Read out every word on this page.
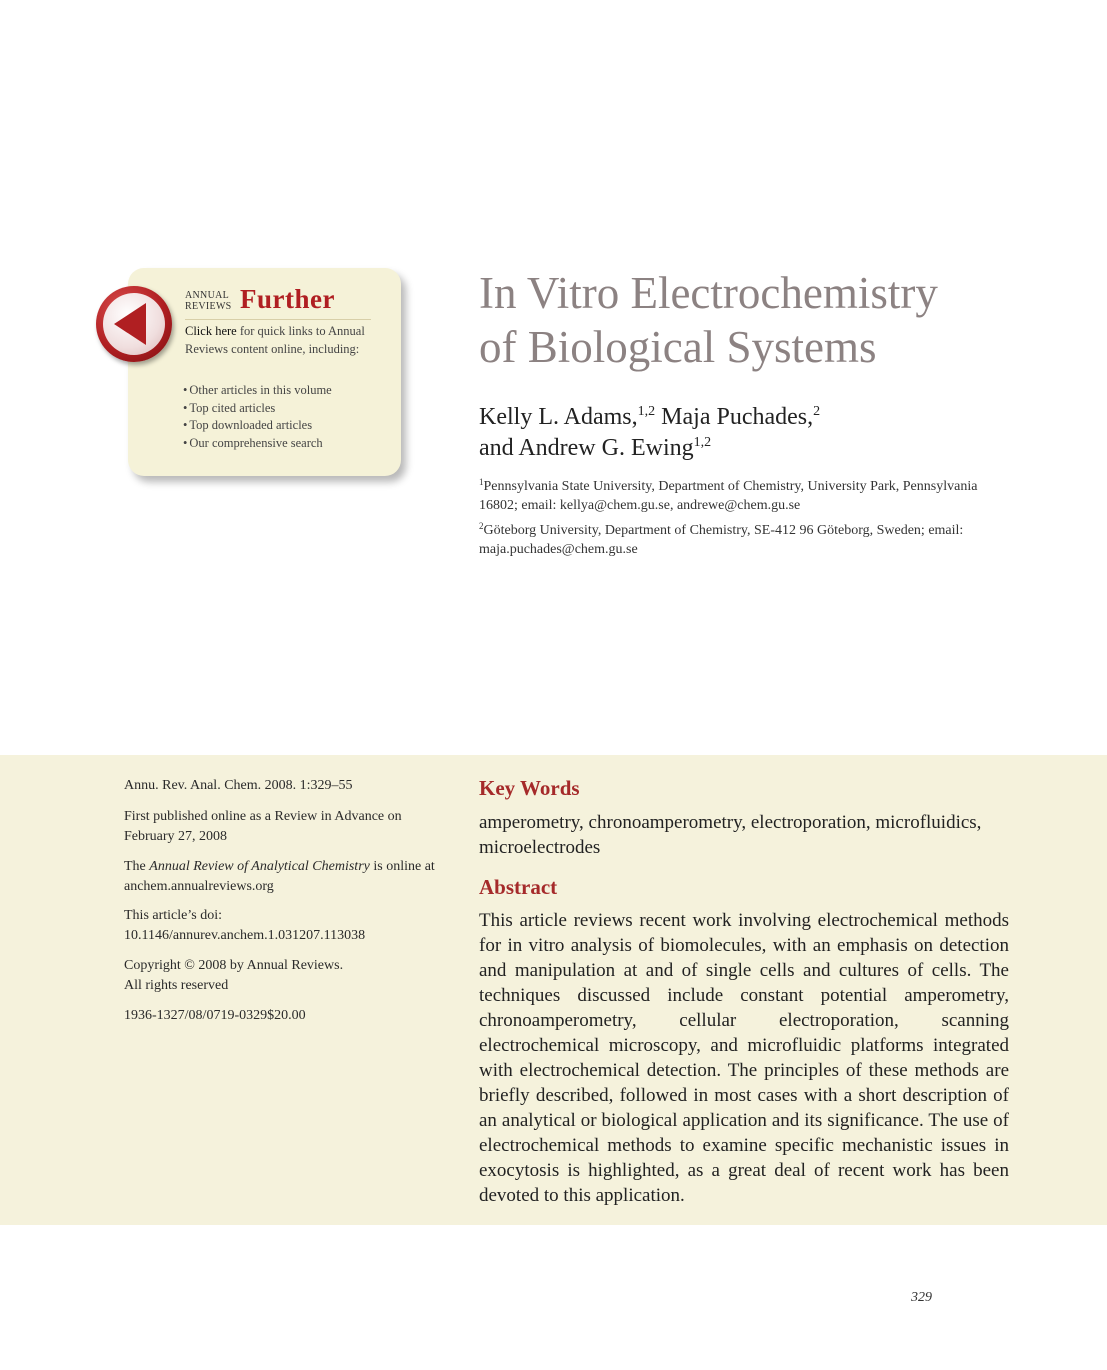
ANNUAL
REVIEWS Further
Click here for quick links to Annual Reviews content online, including:
• Other articles in this volume
• Top cited articles
• Top downloaded articles
• Our comprehensive search
In Vitro Electrochemistry
of Biological Systems
Kelly L. Adams,$^{1,2}$ Maja Puchades,$^2$
and Andrew G. Ewing$^{1,2}$
$^1$Pennsylvania State University, Department of Chemistry, University Park, Pennsylvania 16802; email: kellya@chem.gu.se, andrewe@chem.gu.se
$^2$Göteborg University, Department of Chemistry, SE-412 96 Göteborg, Sweden; email: maja.puchades@chem.gu.se
Annu. Rev. Anal. Chem. 2008. 1:329–55
First published online as a Review in Advance on February 27, 2008
The Annual Review of Analytical Chemistry is online at anchem.annualreviews.org
This article’s doi:
10.1146/annurev.anchem.1.031207.113038
Copyright © 2008 by Annual Reviews.
All rights reserved
1936-1327/08/0719-0329$20.00
Key Words
amperometry, chronoamperometry, electroporation, microfluidics, microelectrodes
Abstract
This article reviews recent work involving electrochemical methods for in vitro analysis of biomolecules, with an emphasis on detection and manipulation at and of single cells and cultures of cells. The techniques discussed include constant potential amperometry, chronoamperometry, cellular electroporation, scanning electrochemical microscopy, and microfluidic platforms integrated with electrochemical detection. The principles of these methods are briefly described, followed in most cases with a short description of an analytical or biological application and its significance. The use of electrochemical methods to examine specific mechanistic issues in exocytosis is highlighted, as a great deal of recent work has been devoted to this application.
329
